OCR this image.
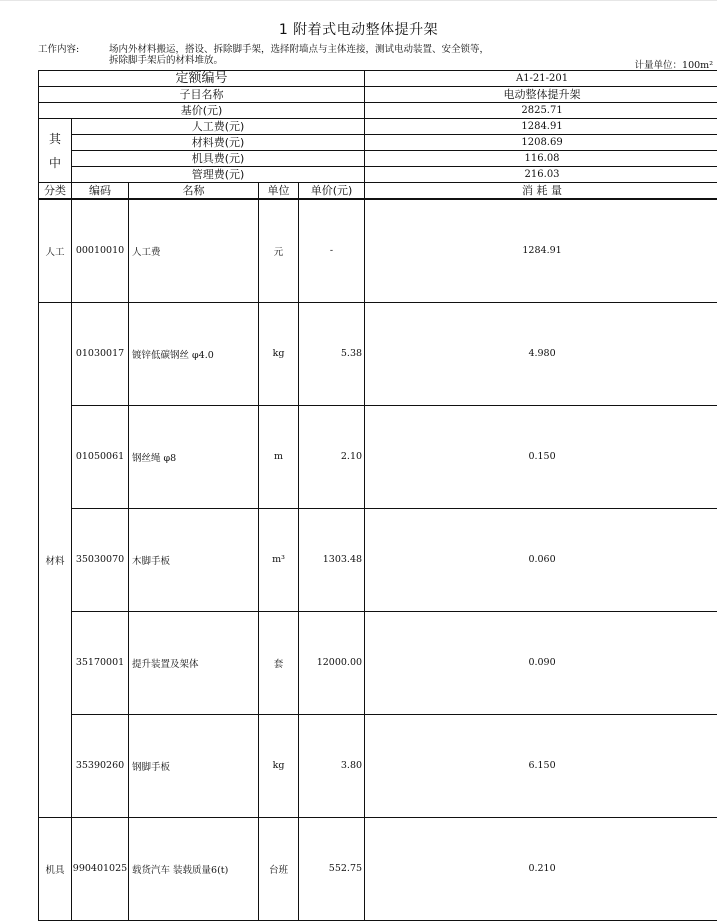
1 附着式电动整体提升架
工作内容:	场内外材料搬运，搭设、拆除脚手架，选择附墙点与主体连接，测试电动装置、安全锁等，
拆除脚手架后的材料堆放。	计量单位：100m²
定额编号					A1-21-201
子目名称					电动整体提升架
基价(元)					2825.71

其
中	人工费(元)				1284.91
	材料费(元)				1208.69
	机具费(元)				116.08
	管理费(元)				216.03
分类	编码	名称	单位	单价(元)	消 耗 量
人工	00010010	人工费	元	-	1284.91
材料	01030017	镀锌低碳钢丝 φ4.0	kg	5.38	4.980
	01050061	钢丝绳 φ8	m	2.10	0.150
	35030070	木脚手板	m³	1303.48	0.060
	35170001	提升装置及架体	套	12000.00	0.090
	35390260	钢脚手板	kg	3.80	6.150
机具	990401025	载货汽车 装载质量6(t)	台班	552.75	0.210
